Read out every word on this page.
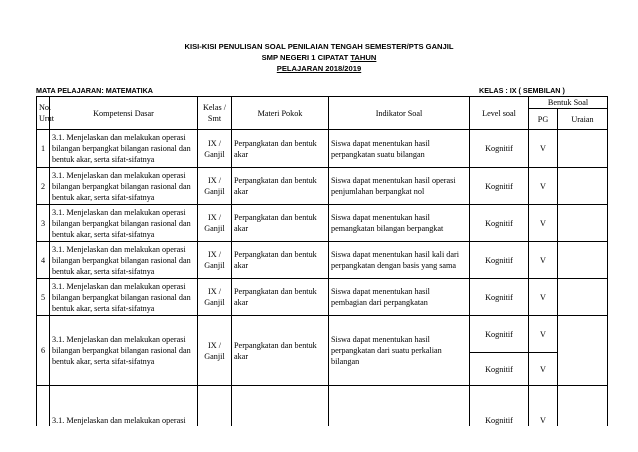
KISI-KISI PENULISAN SOAL PENILAIAN TENGAH SEMESTER/PTS GANJIL
SMP NEGERI 1 CIPATAT TAHUN
PELAJARAN 2018/2019
MATA PELAJARAN: MATEMATIKA	KELAS : IX ( SEMBILAN )
No. Urut	Kompetensi Dasar	Kelas / Smt	Materi Pokok	Indikator Soal	Level soal	Bentuk Soal	
						PG	Uraian
1	3.1. Menjelaskan dan melakukan operasi bilangan berpangkat bilangan rasional dan bentuk akar, serta sifat-sifatnya	IX / Ganjil	Perpangkatan dan bentuk akar	Siswa dapat menentukan hasil perpangkatan suatu bilangan	Kognitif	V	
2	3.1. Menjelaskan dan melakukan operasi bilangan berpangkat bilangan rasional dan bentuk akar, serta sifat-sifatnya	IX / Ganjil	Perpangkatan dan bentuk akar	Siswa dapat menentukan hasil operasi penjumlahan berpangkat nol	Kognitif	V	
3	3.1. Menjelaskan dan melakukan operasi bilangan berpangkat bilangan rasional dan bentuk akar, serta sifat-sifatnya	IX / Ganjil	Perpangkatan dan bentuk akar	Siswa dapat menentukan hasil pemangkatan bilangan berpangkat	Kognitif	V	
4	3.1. Menjelaskan dan melakukan operasi bilangan berpangkat bilangan rasional dan bentuk akar, serta sifat-sifatnya	IX / Ganjil	Perpangkatan dan bentuk akar	Siswa dapat menentukan hasil kali dari perpangkatan dengan basis yang sama	Kognitif	V	
5	3.1. Menjelaskan dan melakukan operasi bilangan berpangkat bilangan rasional dan bentuk akar, serta sifat-sifatnya	IX / Ganjil	Perpangkatan dan bentuk akar	Siswa dapat menentukan hasil pembagian dari perpangkatan	Kognitif	V	
6	3.1. Menjelaskan dan melakukan operasi bilangan berpangkat bilangan rasional dan bentuk akar, serta sifat-sifatnya	IX / Ganjil	Perpangkatan dan bentuk akar	Siswa dapat menentukan hasil perpangkatan dari suatu perkalian bilangan	Kognitif	V	
					Kognitif	V	
	3.1. Menjelaskan dan melakukan operasi				Kognitif	V	
